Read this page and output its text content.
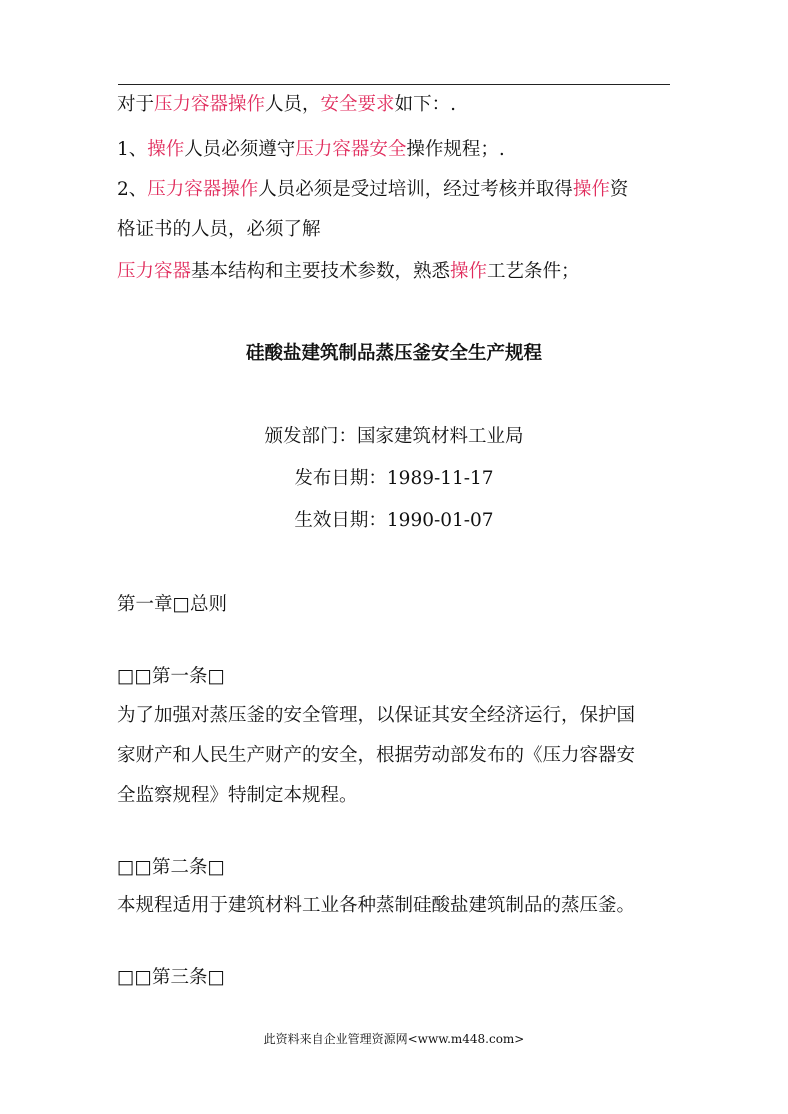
对于压力容器操作人员，安全要求如下：.
1、操作人员必须遵守压力容器安全操作规程；.
2、压力容器操作人员必须是受过培训，经过考核并取得操作资
格证书的人员，必须了解
压力容器基本结构和主要技术参数，熟悉操作工艺条件；
硅酸盐建筑制品蒸压釜安全生产规程
颁发部门：国家建筑材料工业局
发布日期：1989-11-17
生效日期：1990-01-07
第一章□总则
□□第一条□
为了加强对蒸压釜的安全管理，以保证其安全经济运行，保护国
家财产和人民生产财产的安全，根据劳动部发布的《压力容器安
全监察规程》特制定本规程。
□□第二条□
本规程适用于建筑材料工业各种蒸制硅酸盐建筑制品的蒸压釜。
□□第三条□
此资料来自企业管理资源网<www.m448.com>
